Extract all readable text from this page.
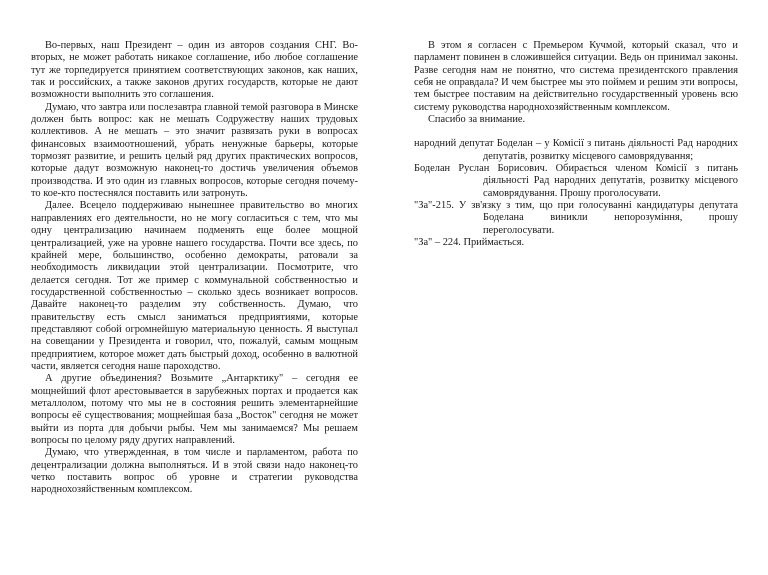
Во-первых, наш Президент – один из авторов создания СНГ. Во-вторых, не может работать никакое соглашение, ибо любое соглашение тут же торпедируется принятием соответствующих законов, как наших, так и российских, а также законов других государств, которые не дают возможности выполнить это соглашения.

Думаю, что завтра или послезавтра главной темой разговора в Минске должен быть вопрос: как не мешать Содружеству наших трудовых коллективов. А не мешать – это значит развязать руки в вопросах финансовых взаимоотношений, убрать ненужные барьеры, которые тормозят развитие, и решить целый ряд других практических вопросов, которые дадут возможную наконец-то достичь увеличения объемов производства. И это один из главных вопросов, которые сегодня почему-то кое-кто постеснялся поставить или затронуть.

Далее. Всецело поддерживаю нынешнее правительство во многих направлениях его деятельности, но не могу согласиться с тем, что мы одну централизацию начинаем подменять еще более мощной централизацией, уже на уровне нашего государства. Почти все здесь, по крайней мере, большинство, особенно демократы, ратовали за необходимость ликвидации этой централизации. Посмотрите, что делается сегодня. Тот же пример с коммунальной собственностью и государственной собственностью – сколько здесь возникает вопросов. Давайте наконец-то разделим эту собственность. Думаю, что правительству есть смысл заниматься предприятиями, которые представляют собой огромнейшую материальную ценность. Я выступал на совещании у Президента и говорил, что, пожалуй, самым мощным предприятием, которое может дать быстрый доход, особенно в валютной части, является сегодня наше пароходство.

А другие объединения? Возьмите „Антарктику" – сегодня ее мощнейший флот арестовывается в зарубежных портах и продается как металлолом, потому что мы не в состояния решить элементарнейшие вопросы её существования; мощнейшая база „Восток" сегодня не может выйти из порта для добычи рыбы. Чем мы занимаемся? Мы решаем вопросы по целому ряду других направлений.

Думаю, что утвержденная, в том числе и парламентом, работа по децентрализации должна выполняться. И в этой связи надо наконец-то четко поставить вопрос об уровне и стратегии руководства народнохозяйственным комплексом.

В этом я согласен с Премьером Кучмой, который сказал, что и парламент повинен в сложившейся ситуации. Ведь он принимал законы. Разве сегодня нам не понятно, что система президентского правления себя не оправдала? И чем быстрее мы это поймем и решим эти вопросы, тем быстрее поставим на действительно государственный уровень всю систему руководства народнохозяйственным комплексом.

Спасибо за внимание.

народний депутат Боделан – у Комісії з питань діяльності Рад народних депутатів, розвитку місцевого самоврядування;

Боделан Руслан Борисович. Обирається членом Комісії з питань діяльності Рад народних депутатів, розвитку місцевого самоврядування. Прошу проголосувати.

"За"-215. У зв'язку з тим, що при голосуванні кандидатуры депутата Боделана виникли непорозуміння, прошу переголосувати.

"За" – 224. Приймається.
